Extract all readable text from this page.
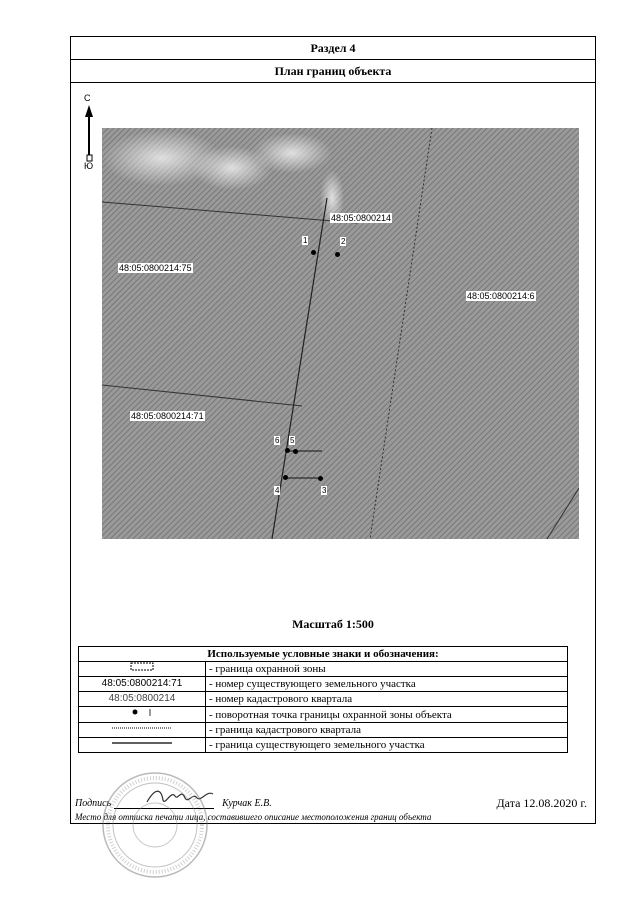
Раздел 4
План границ объекта
С
Ю
48:05:0800214
48:05:0800214:75
48:05:0800214:6
48:05:0800214:71
1	2
6 5
4	3
Масштаб 1:500
Используемые условные знаки и обозначения:	
	- граница охранной зоны
48:05:0800214:71	- номер существующего земельного участка
48:05:0800214	- номер кадастрового квартала
	- поворотная точка границы охранной зоны объекта
	- граница кадастрового квартала
	- граница существующего земельного участка
Подпись	Курчак Е.В.	Дата 12.08.2020 г.
Место для оттиска печати лица, составившего описание местоположения границ объекта
